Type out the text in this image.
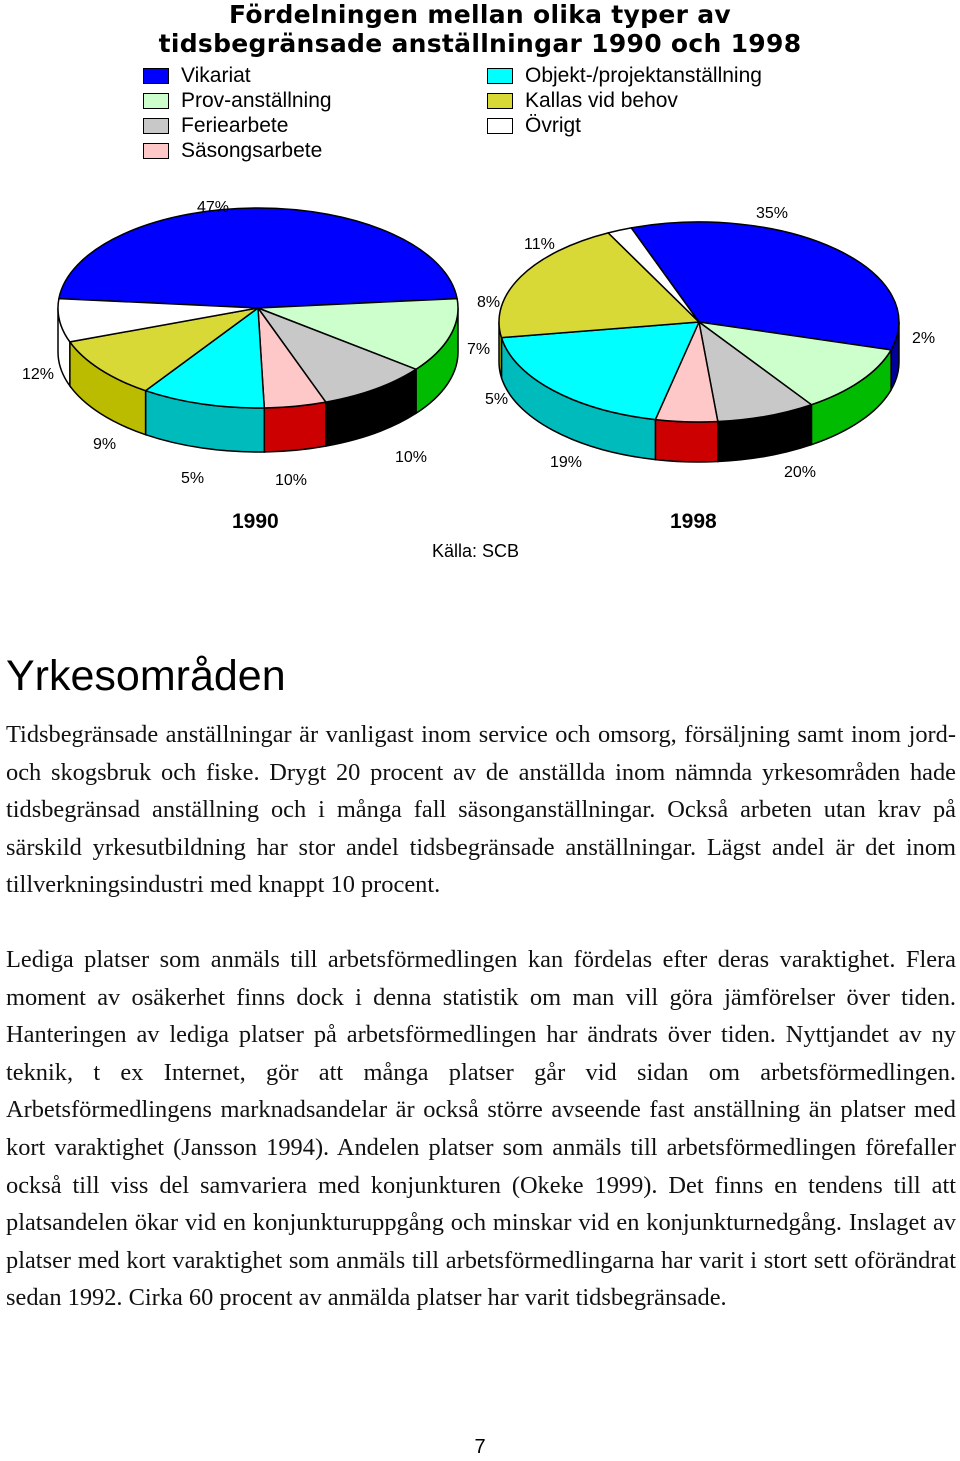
Fördelningen mellan olika typer av
tidsbegränsade anställningar 1990 och 1998
Vikariat
Prov-anställning
Feriearbete
Säsongsarbete
Objekt-/projektanställning
Kallas vid behov
Övrigt
47%
12%
9%
5%	10%
10%
7%
35%
11%
8%
5%
19%
20%
2%
1990	1998
Källa: SCB
Yrkesområden

Tidsbegränsade anställningar är vanligast inom service och omsorg, försäljning samt inom jord- och skogsbruk och fiske. Drygt 20 procent av de anställda inom nämnda yrkesområden hade tidsbegränsad anställning och i många fall säsonganställningar. Också arbeten utan krav på särskild yrkesutbildning har stor andel tidsbegränsade anställningar. Lägst andel är det inom tillverkningsindustri med knappt 10 procent.

Lediga platser som anmäls till arbetsförmedlingen kan fördelas efter deras varaktighet. Flera moment av osäkerhet finns dock i denna statistik om man vill göra jämförelser över tiden. Hanteringen av lediga platser på arbetsförmedlingen har ändrats över tiden. Nyttjandet av ny teknik, t ex Internet, gör att många platser går vid sidan om arbetsförmedlingen. Arbetsförmedlingens marknadsandelar är också större avseende fast anställning än platser med kort varaktighet (Jansson 1994). Andelen platser som anmäls till arbetsförmedlingen förefaller också till viss del samvariera med konjunkturen (Okeke 1999). Det finns en tendens till att platsandelen ökar vid en konjunkturuppgång och minskar vid en konjunkturnedgång. Inslaget av platser med kort varaktighet som anmäls till arbetsförmedlingarna har varit i stort sett oförändrat sedan 1992. Cirka 60 procent av anmälda platser har varit tidsbegränsade.

7
